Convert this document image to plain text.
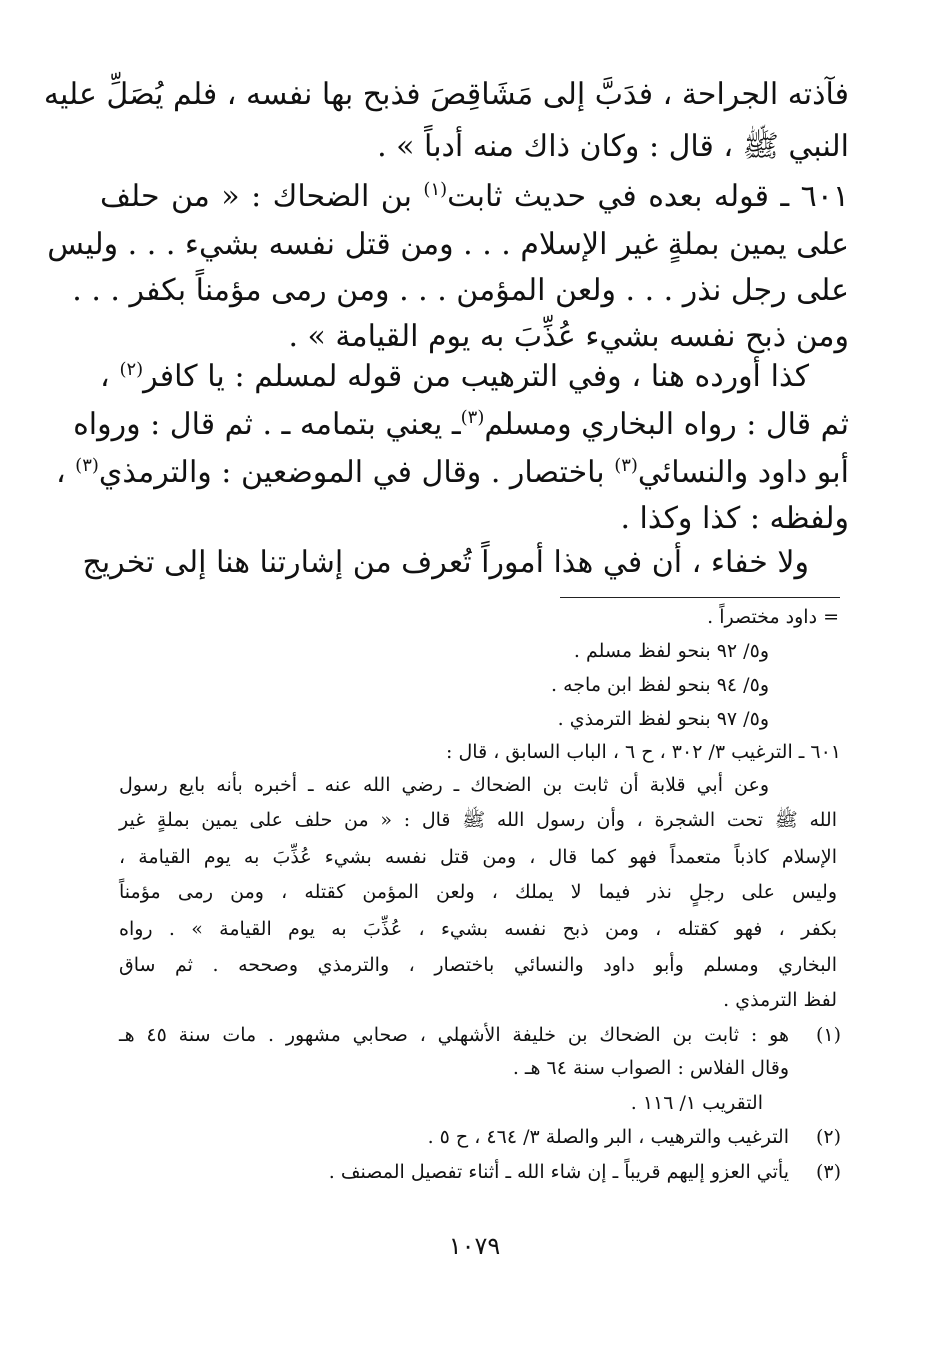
فآذته الجراحة ، فدَبَّ إلى مَشَاقِصَ فذبح بها نفسه ، فلم يُصَلِّ عليه
النبي ﷺ ، قال : وكان ذاك منه أدباً » .
٦٠١ ـ قوله بعده في حديث ثابت$^{(١)}$ بن الضحاك : « من حلف
على يمين بملةٍ غير الإسلام . . . ومن قتل نفسه بشيء . . . وليس
على رجل نذر . . . ولعن المؤمن . . . ومن رمى مؤمناً بكفر . . .
ومن ذبح نفسه بشيء عُذِّبَ به يوم القيامة » .
كذا أورده هنا ، وفي الترهيب من قوله لمسلم : يا كافر$^{(٢)}$ ،
ثم قال : رواه البخاري ومسلم$^{(٣)}$ـ يعني بتمامه ـ . ثم قال : ورواه
أبو داود والنسائي$^{(٣)}$ باختصار . وقال في الموضعين : والترمذي$^{(٣)}$ ،
ولفظه : كذا وكذا .
ولا خفاء ، أن في هذا أموراً تُعرف من إشارتنا هنا إلى تخريج
= داود مختصراً .
و٥/ ٩٢ بنحو لفظ مسلم .
و٥/ ٩٤ بنحو لفظ ابن ماجه .
و٥/ ٩٧ بنحو لفظ الترمذي .
٦٠١ ـ الترغيب ٣/ ٣٠٢ ، ح ٦ ، الباب السابق ، قال :
وعن أبي قلابة أن ثابت بن الضحاك ـ رضي الله عنه ـ أخبره بأنه بايع رسول
الله ﷺ تحت الشجرة ، وأن رسول الله ﷺ قال : « من حلف على يمين بملةٍ غير
الإسلام كاذباً متعمداً فهو كما قال ، ومن قتل نفسه بشيء عُذِّبَ به يوم القيامة ،
وليس على رجلٍ نذر فيما لا يملك ، ولعن المؤمن كقتله ، ومن رمى مؤمناً
بكفر ، فهو كقتله ، ومن ذبح نفسه بشيء ، عُذِّبَ به يوم القيامة » . رواه
البخاري ومسلم وأبو داود والنسائي باختصار ، والترمذي وصححه . ثم ساق
لفظ الترمذي .
(١)
هو : ثابت بن الضحاك بن خليفة الأشهلي ، صحابي مشهور . مات سنة ٤٥ هـ
وقال الفلاس : الصواب سنة ٦٤ هـ .
التقريب ١/ ١١٦ .
(٢)
الترغيب والترهيب ، البر والصلة ٣/ ٤٦٤ ، ح ٥ .
(٣)
يأتي العزو إليهم قريباً ـ إن شاء الله ـ أثناء تفصيل المصنف .
١٠٧٩
